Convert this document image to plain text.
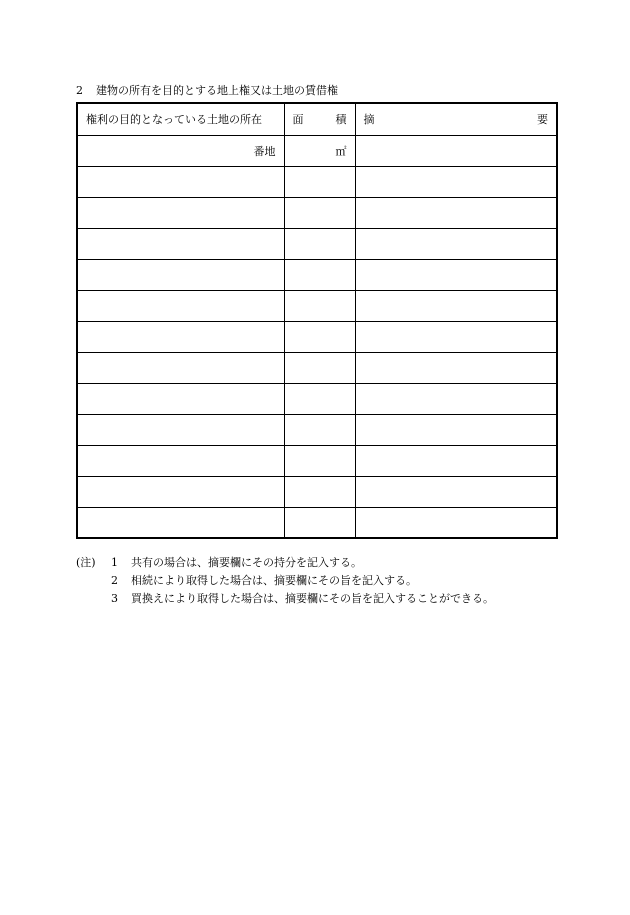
2 建物の所有を目的とする地上権又は土地の賃借権
権利の目的となっている土地の所在	面 積	摘 要

番地	㎡	

(注)	1	共有の場合は、摘要欄にその持分を記入する。
2	相続により取得した場合は、摘要欄にその旨を記入する。
3	買換えにより取得した場合は、摘要欄にその旨を記入することができる。
